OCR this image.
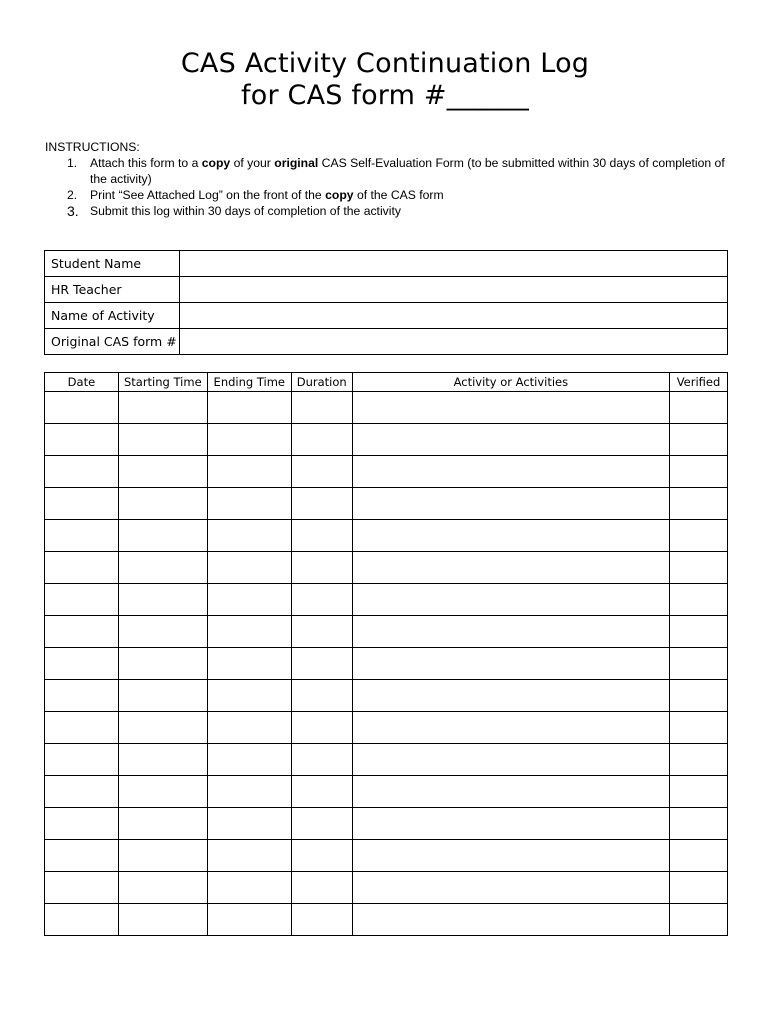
CAS Activity Continuation Log
for CAS form #______
INSTRUCTIONS:
1. Attach this form to a copy of your original CAS Self-Evaluation Form (to be submitted within 30 days of completion of the activity)
2. Print “See Attached Log” on the front of the copy of the CAS form
3. Submit this log within 30 days of completion of the activity
Student Name	
HR Teacher	
Name of Activity	
Original CAS form #	
Date	Starting Time	Ending Time	Duration	Activity or Activities	Verified
